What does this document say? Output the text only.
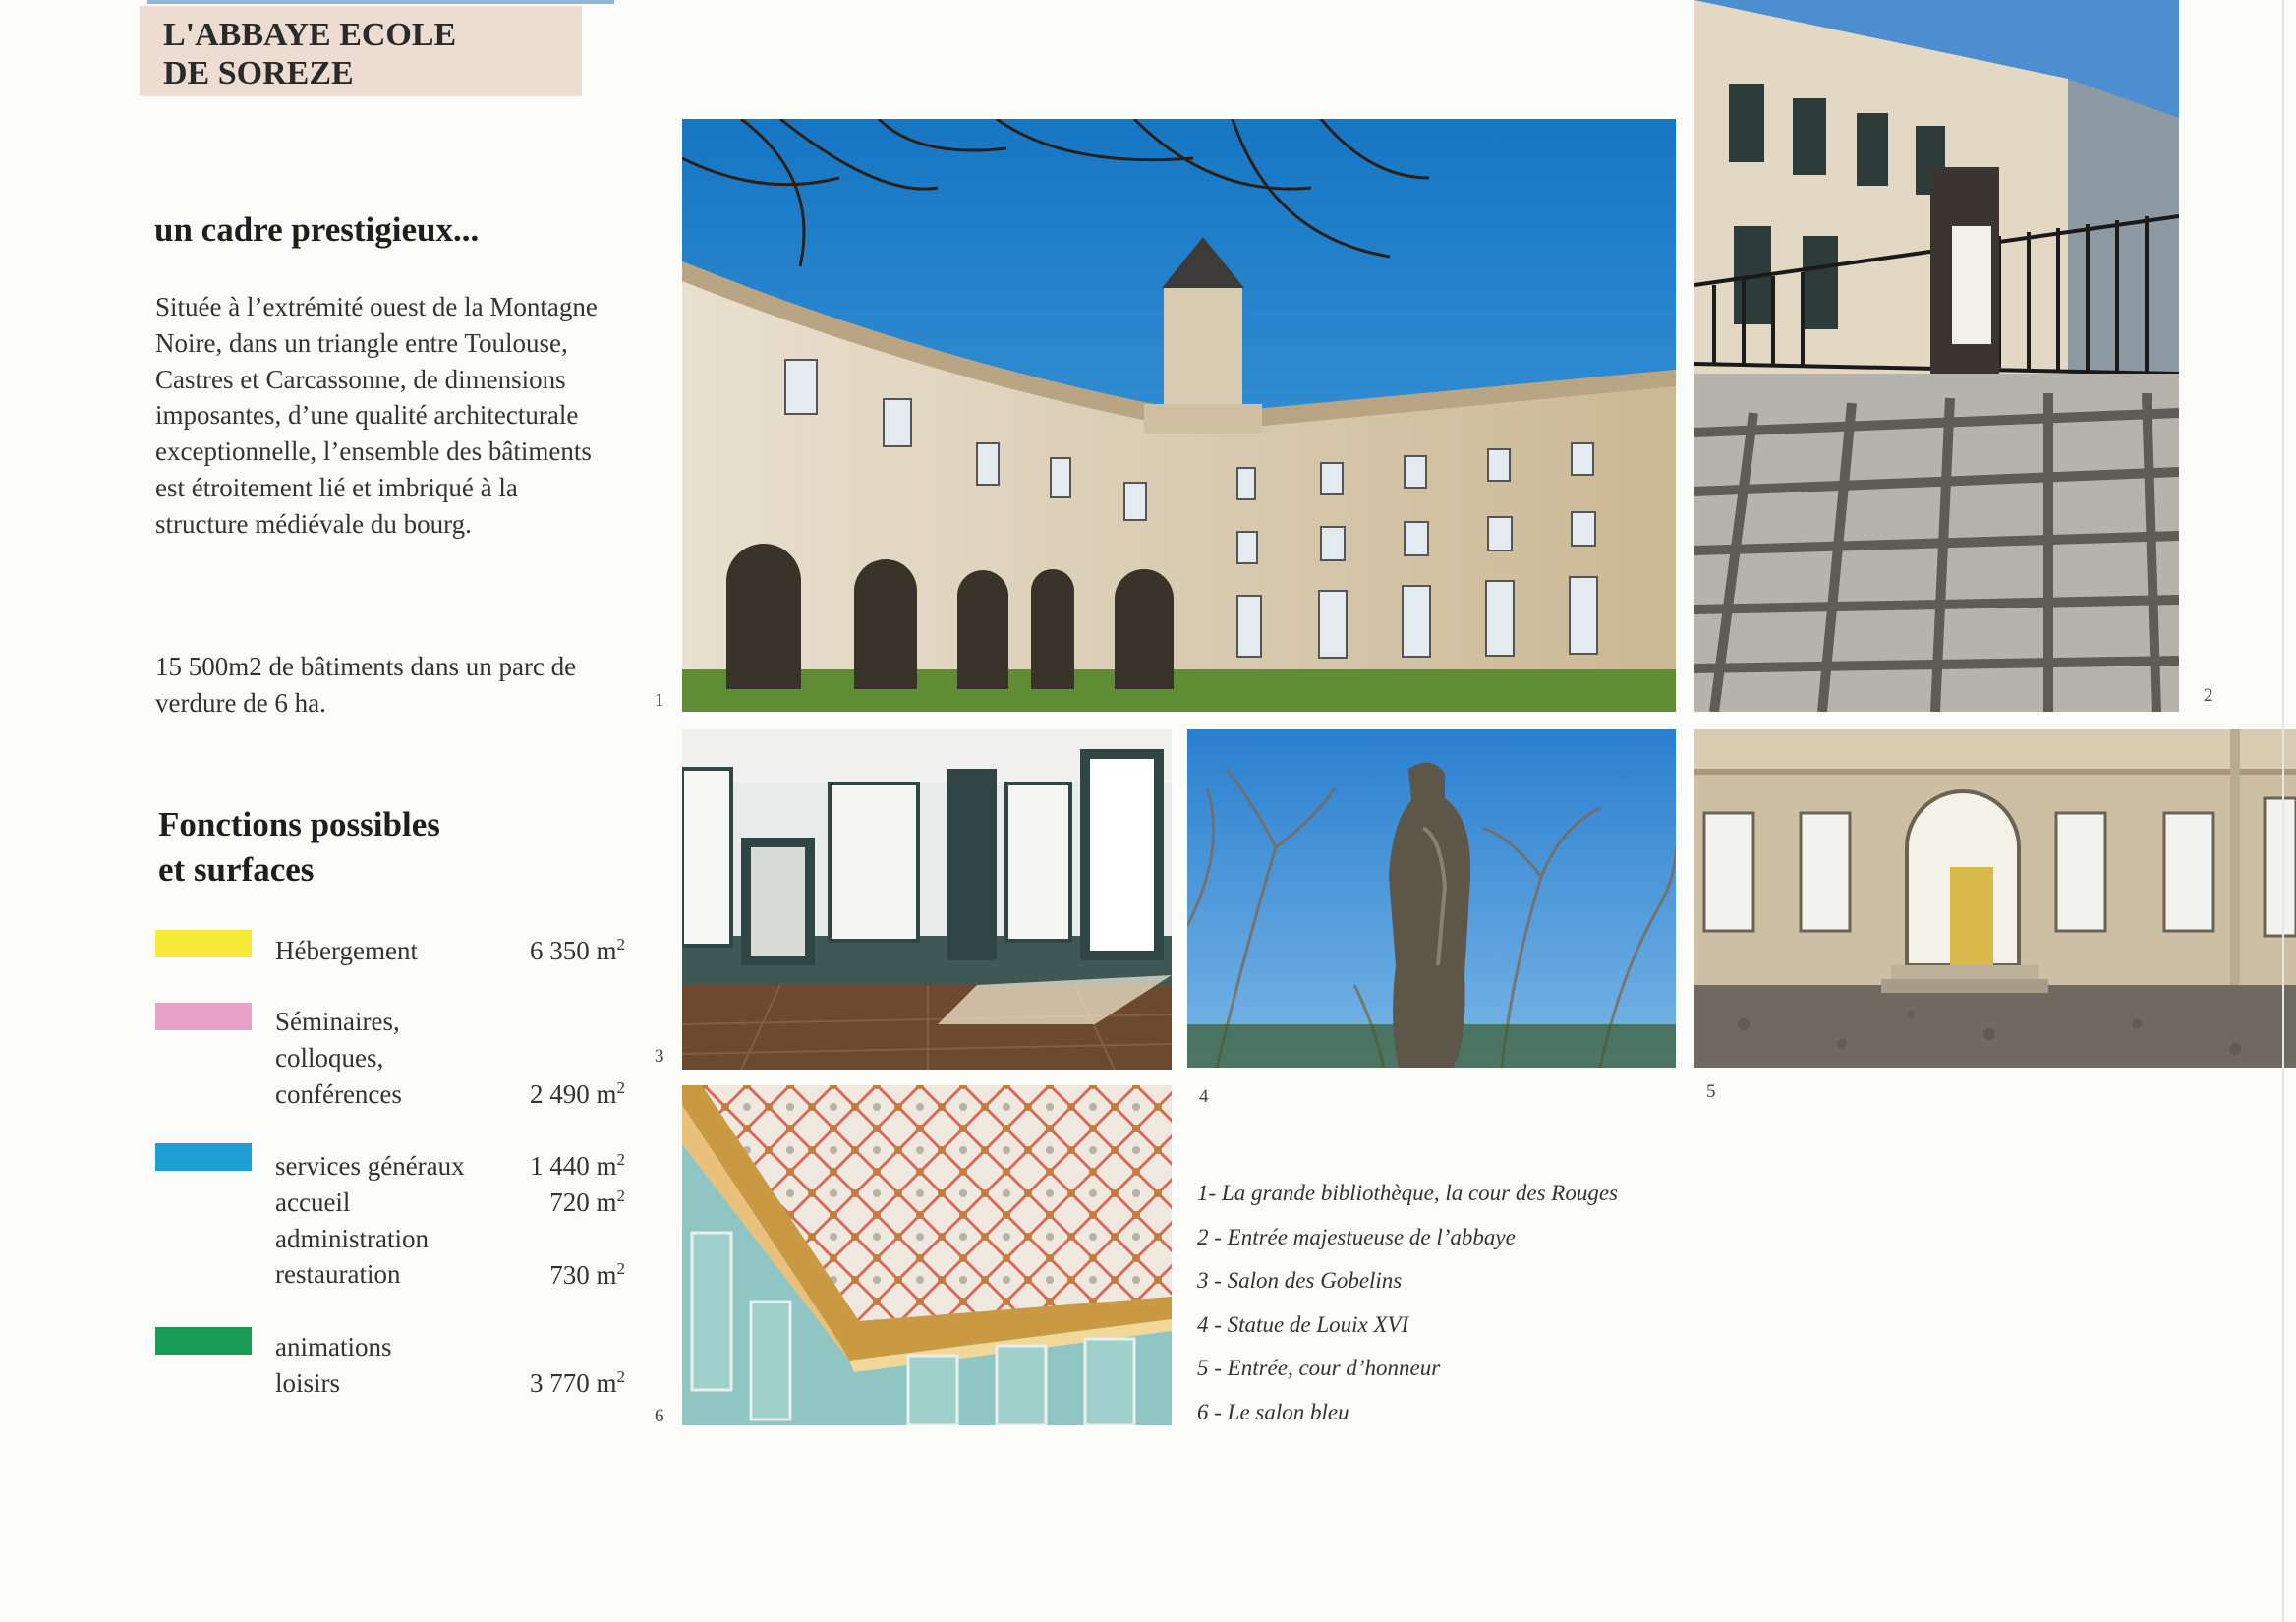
L'ABBAYE ECOLE
DE SOREZE
un cadre prestigieux...

Située à l’extrémité ouest de la Montagne Noire, dans un triangle entre Toulouse, Castres et Carcassonne, de dimensions imposantes, d’une qualité architecturale exceptionnelle, l’ensemble des bâtiments est étroitement lié et imbriqué à la structure médiévale du bourg.

15 500m2 de bâtiments dans un parc de verdure de 6 ha.

Fonctions possibles
et surfaces
Hébergement
Séminaires,
colloques,
conférences
services généraux
accueil
administration
restauration
animations
loisirs
6 350 $m^2$
2 490 $m^2$
1 440 $m^2$
720 $m^2$
730 $m^2$
3 770 $m^2$
1	2
3
4	5
6
1- La grande bibliothèque, la cour des Rouges
2 - Entrée majestueuse de l’abbaye
3 - Salon des Gobelins
4 - Statue de Louix XVI
5 - Entrée, cour d’honneur
6 - Le salon bleu
